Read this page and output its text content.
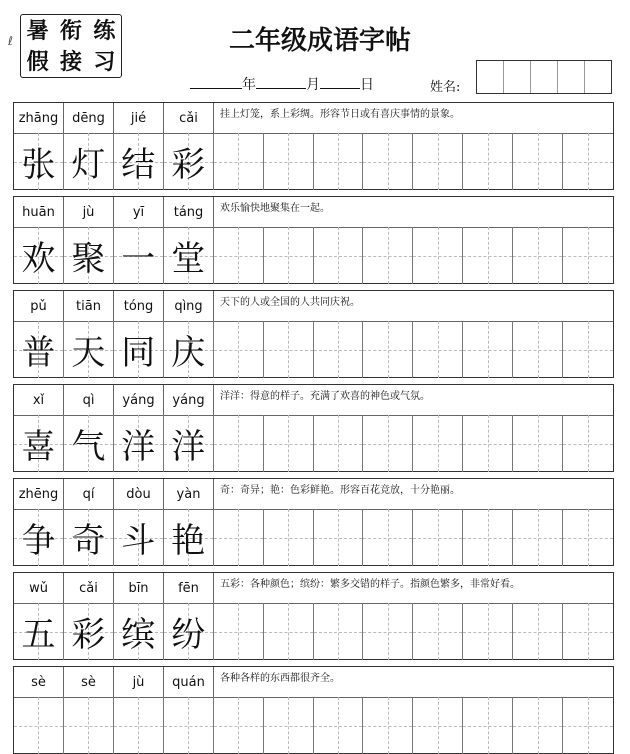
ℓ 暑 衔 练
假 接 习
二年级成语字帖
年	月	日	姓名:
zhāng	dēng	jié	cǎi	挂上灯笼，系上彩绸。形容节日或有喜庆事情的景象。
张 灯 结 彩
huān	jù	yī	táng	欢乐愉快地聚集在一起。
欢 聚 一 堂
pǔ	tiān	tóng	qìng	天下的人或全国的人共同庆祝。
普 天 同 庆
xǐ	qì	yáng	yáng	洋洋：得意的样子。充满了欢喜的神色或气氛。
喜 气 洋 洋
zhēng	qí	dòu	yàn	奇：奇异；艳：色彩鲜艳。形容百花竞放，十分艳丽。
争 奇 斗 艳
wǔ	cǎi	bīn	fēn	五彩：各种颜色；缤纷：繁多交错的样子。指颜色繁多，非常好看。
五 彩 缤 纷
sè	sè	jù	quán	各种各样的东西都很齐全。
